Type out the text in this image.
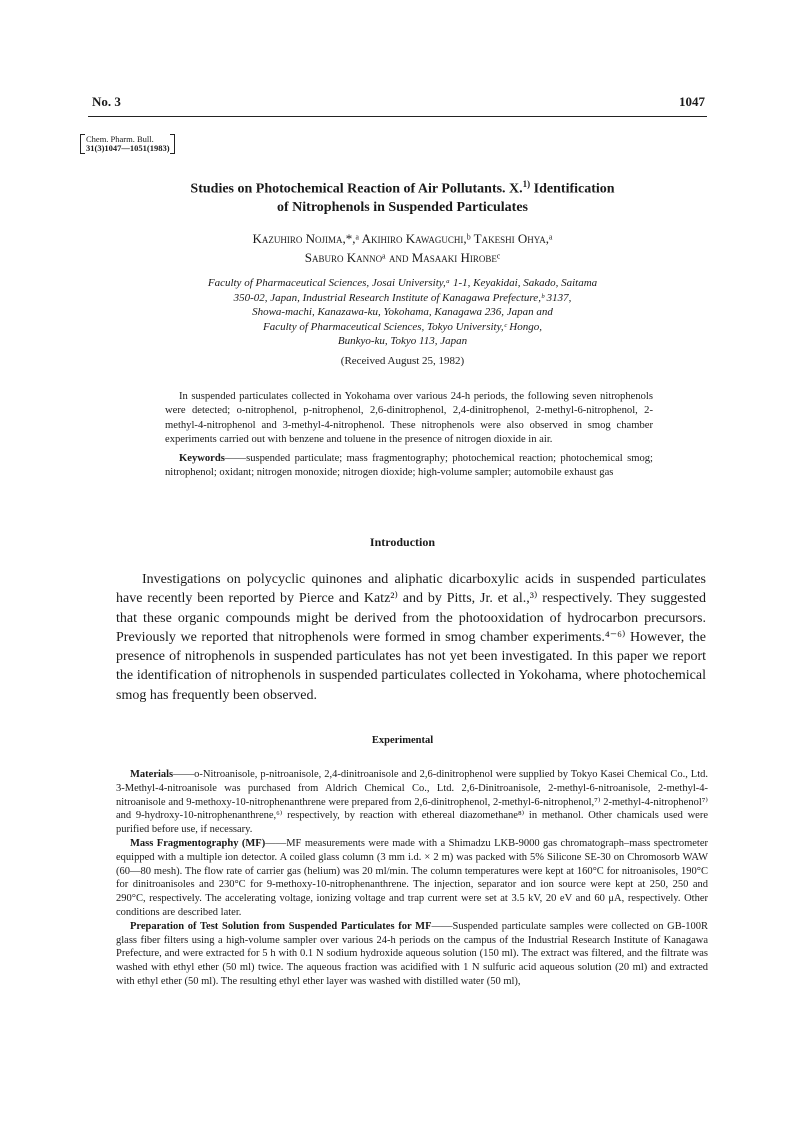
No. 3	1047
Chem. Pharm. Bull.
31(3)1047—1051(1983)
Studies on Photochemical Reaction of Air Pollutants. X.$^{1)}$ Identification
of Nitrophenols in Suspended Particulates
Kazuhiro Nojima,*,ᵃ Akihiro Kawaguchi,ᵇ Takeshi Ohya,ᵃ
Saburo Kannoᵃ and Masaaki Hirobeᶜ
Faculty of Pharmaceutical Sciences, Josai University,ᵃ 1-1, Keyakidai, Sakado, Saitama
350-02, Japan, Industrial Research Institute of Kanagawa Prefecture,ᵇ 3137,
Showa-machi, Kanazawa-ku, Yokohama, Kanagawa 236, Japan and
Faculty of Pharmaceutical Sciences, Tokyo University,ᶜ Hongo,
Bunkyo-ku, Tokyo 113, Japan
(Received August 25, 1982)

In suspended particulates collected in Yokohama over various 24-h periods, the following seven nitrophenols were detected; o-nitrophenol, p-nitrophenol, 2,6-dinitrophenol, 2,4-dinitrophenol, 2-methyl-6-nitrophenol, 2-methyl-4-nitrophenol and 3-methyl-4-nitrophenol. These nitrophenols were also observed in smog chamber experiments carried out with benzene and toluene in the presence of nitrogen dioxide in air.

Keywords——suspended particulate; mass fragmentography; photochemical reaction; photochemical smog; nitrophenol; oxidant; nitrogen monoxide; nitrogen dioxide; high-volume sampler; automobile exhaust gas

Introduction

Investigations on polycyclic quinones and aliphatic dicarboxylic acids in suspended particulates have recently been reported by Pierce and Katz²⁾ and by Pitts, Jr. et al.,³⁾ respectively. They suggested that these organic compounds might be derived from the photooxidation of hydrocarbon precursors. Previously we reported that nitrophenols were formed in smog chamber experiments.⁴⁻⁶⁾ However, the presence of nitrophenols in suspended particulates has not yet been investigated. In this paper we report the identification of nitrophenols in suspended particulates collected in Yokohama, where photochemical smog has frequently been observed.

Experimental

Materials——o-Nitroanisole, p-nitroanisole, 2,4-dinitroanisole and 2,6-dinitrophenol were supplied by Tokyo Kasei Chemical Co., Ltd. 3-Methyl-4-nitroanisole was purchased from Aldrich Chemical Co., Ltd. 2,6-Dinitroanisole, 2-methyl-6-nitroanisole, 2-methyl-4-nitroanisole and 9-methoxy-10-nitrophenanthrene were prepared from 2,6-dinitrophenol, 2-methyl-6-nitrophenol,⁷⁾ 2-methyl-4-nitrophenol⁷⁾ and 9-hydroxy-10-nitrophenanthrene,⁶⁾ respectively, by reaction with ethereal diazomethane⁸⁾ in methanol. Other chamicals used were purified before use, if necessary.

Mass Fragmentography (MF)——MF measurements were made with a Shimadzu LKB-9000 gas chromatograph–mass spectrometer equipped with a multiple ion detector. A coiled glass column (3 mm i.d. × 2 m) was packed with 5% Silicone SE-30 on Chromosorb WAW (60—80 mesh). The flow rate of carrier gas (helium) was 20 ml/min. The column temperatures were kept at 160°C for nitroanisoles, 190°C for dinitroanisoles and 230°C for 9-methoxy-10-nitrophenanthrene. The injection, separator and ion source were kept at 250, 250 and 290°C, respectively. The accelerating voltage, ionizing voltage and trap current were set at 3.5 kV, 20 eV and 60 μA, respectively. Other conditions are described later.

Preparation of Test Solution from Suspended Particulates for MF——Suspended particulate samples were collected on GB-100R glass fiber filters using a high-volume sampler over various 24-h periods on the campus of the Industrial Research Institute of Kanagawa Prefecture, and were extracted for 5 h with 0.1 N sodium hydroxide aqueous solution (150 ml). The extract was filtered, and the filtrate was washed with ethyl ether (50 ml) twice. The aqueous fraction was acidified with 1 N sulfuric acid aqueous solution (20 ml) and extracted with ethyl ether (50 ml). The resulting ethyl ether layer was washed with distilled water (50 ml),
